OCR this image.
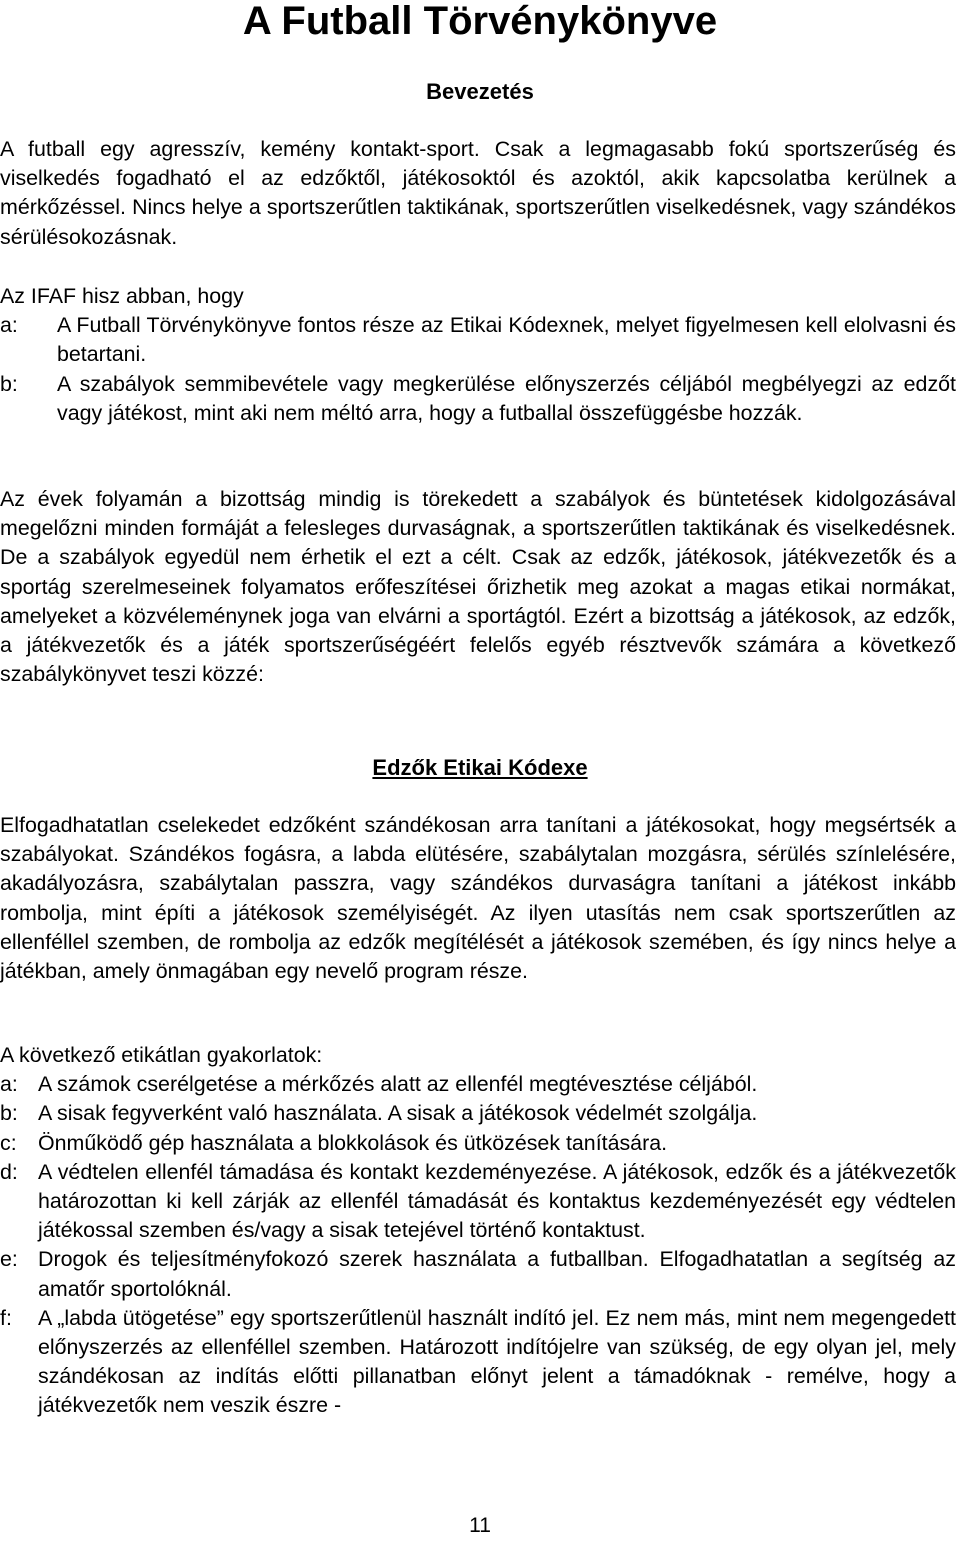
A Futball Törvénykönyve
Bevezetés

A futball egy agresszív, kemény kontakt-sport. Csak a legmagasabb fokú sportszerűség és viselkedés fogadható el az edzőktől, játékosoktól és azoktól, akik kapcsolatba kerülnek a mérkőzéssel. Nincs helye a sportszerűtlen taktikának, sportszerűtlen viselkedésnek, vagy szándékos sérülésokozásnak.

Az IFAF hisz abban, hogy

a: A Futball Törvénykönyve fontos része az Etikai Kódexnek, melyet figyelmesen kell elolvasni és betartani.
b: A szabályok semmibevétele vagy megkerülése előnyszerzés céljából megbélyegzi az edzőt vagy játékost, mint aki nem méltó arra, hogy a futballal összefüggésbe hozzák.

Az évek folyamán a bizottság mindig is törekedett a szabályok és büntetések kidolgozásával megelőzni minden formáját a felesleges durvaságnak, a sportszerűtlen taktikának és viselkedésnek. De a szabályok egyedül nem érhetik el ezt a célt. Csak az edzők, játékosok, játékvezetők és a sportág szerelmeseinek folyamatos erőfeszítései őrizhetik meg azokat a magas etikai normákat, amelyeket a közvéleménynek joga van elvárni a sportágtól. Ezért a bizottság a játékosok, az edzők, a játékvezetők és a játék sportszerűségéért felelős egyéb résztvevők számára a következő szabálykönyvet teszi közzé:

Edzők Etikai Kódexe

Elfogadhatatlan cselekedet edzőként szándékosan arra tanítani a játékosokat, hogy megsértsék a szabályokat. Szándékos fogásra, a labda elütésére, szabálytalan mozgásra, sérülés színlelésére, akadályozásra, szabálytalan passzra, vagy szándékos durvaságra tanítani a játékost inkább rombolja, mint építi a játékosok személyiségét. Az ilyen utasítás nem csak sportszerűtlen az ellenféllel szemben, de rombolja az edzők megítélését a játékosok szemében, és így nincs helye a játékban, amely önmagában egy nevelő program része.

A következő etikátlan gyakorlatok:

a: A számok cserélgetése a mérkőzés alatt az ellenfél megtévesztése céljából.
b: A sisak fegyverként való használata. A sisak a játékosok védelmét szolgálja.
c: Önműködő gép használata a blokkolások és ütközések tanítására.
d: A védtelen ellenfél támadása és kontakt kezdeményezése. A játékosok, edzők és a játékvezetők határozottan ki kell zárják az ellenfél támadását és kontaktus kezdeményezését egy védtelen játékossal szemben és/vagy a sisak tetejével történő kontaktust.
e: Drogok és teljesítményfokozó szerek használata a futballban. Elfogadhatatlan a segítség az amatőr sportolóknál.
f: A „labda ütögetése” egy sportszerűtlenül használt indító jel. Ez nem más, mint nem megengedett előnyszerzés az ellenféllel szemben. Határozott indítójelre van szükség, de egy olyan jel, mely szándékosan az indítás előtti pillanatban előnyt jelent a támadóknak - remélve, hogy a játékvezetők nem veszik észre -
11
